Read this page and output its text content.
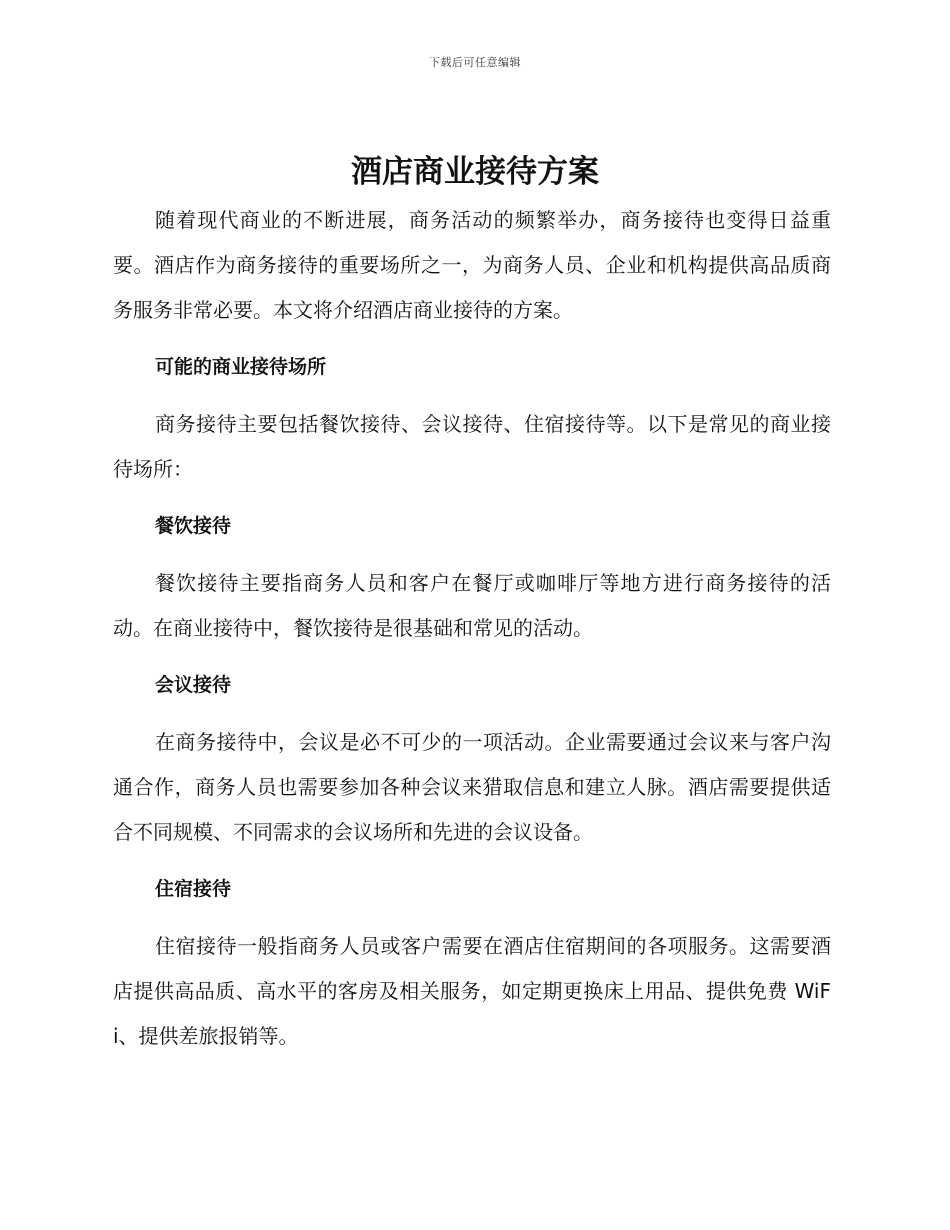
下载后可任意编辑
酒店商业接待方案

随着现代商业的不断进展，商务活动的频繁举办，商务接待也变得日益重要。酒店作为商务接待的重要场所之一，为商务人员、企业和机构提供高品质商务服务非常必要。本文将介绍酒店商业接待的方案。

可能的商业接待场所

商务接待主要包括餐饮接待、会议接待、住宿接待等。以下是常见的商业接待场所：

餐饮接待

餐饮接待主要指商务人员和客户在餐厅或咖啡厅等地方进行商务接待的活动。在商业接待中，餐饮接待是很基础和常见的活动。

会议接待

在商务接待中，会议是必不可少的一项活动。企业需要通过会议来与客户沟通合作，商务人员也需要参加各种会议来猎取信息和建立人脉。酒店需要提供适合不同规模、不同需求的会议场所和先进的会议设备。

住宿接待

住宿接待一般指商务人员或客户需要在酒店住宿期间的各项服务。这需要酒店提供高品质、高水平的客房及相关服务，如定期更换床上用品、提供免费 WiFi、提供差旅报销等。
